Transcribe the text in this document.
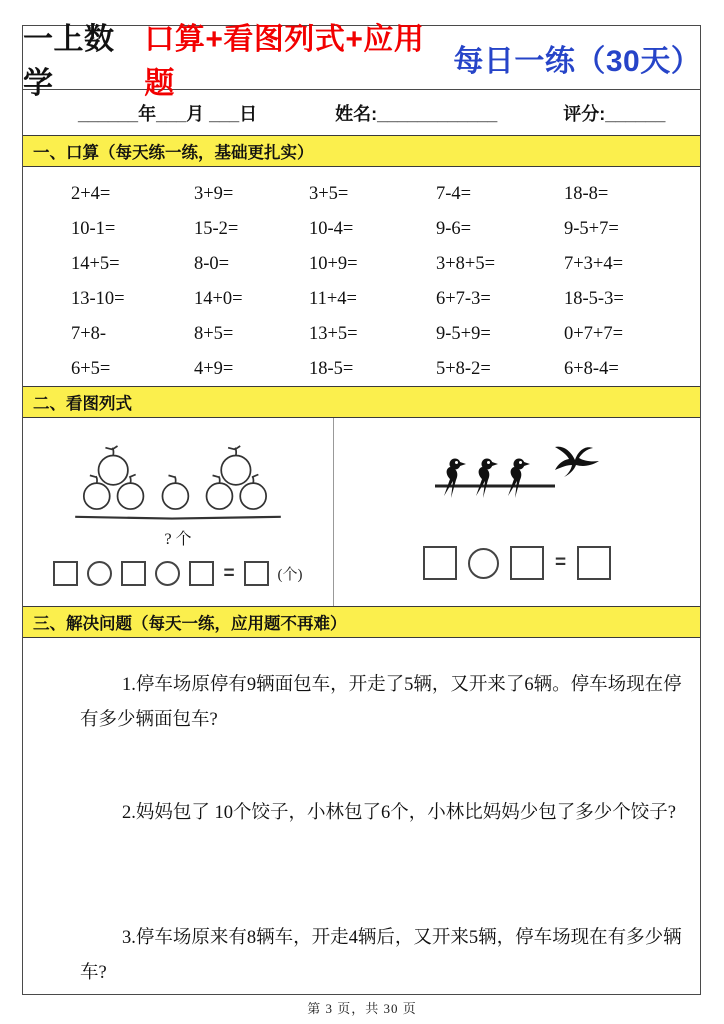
一上数学
口算+看图列式+应用题
每日一练（30天）
______年___月 ___日	姓名:____________	评分:______
一、口算（每天练一练，基础更扎实）
2+4=	3+9=	3+5=	7-4=	18-8=
10-1=	15-2=	10-4=	9-6=	9-5+7=
14+5=	8-0=	10+9=	3+8+5=	7+3+4=
13-10=	14+0=	11+4=	6+7-3=	18-5-3=
7+8-	8+5=	13+5=	9-5+9=	0+7+7=
6+5=	4+9=	18-5=	5+8-2=	6+8-4=
二、看图列式
? 个
=	(个)
=
三、解决问题（每天一练，应用题不再难）

1.停车场原停有9辆面包车，开走了5辆，又开来了6辆。停车场现在停有多少辆面包车?

2.妈妈包了 10个饺子，小林包了6个，小林比妈妈少包了多少个饺子?

3.停车场原来有8辆车，开走4辆后，又开来5辆，停车场现在有多少辆车?

第 3 页，共 30 页
